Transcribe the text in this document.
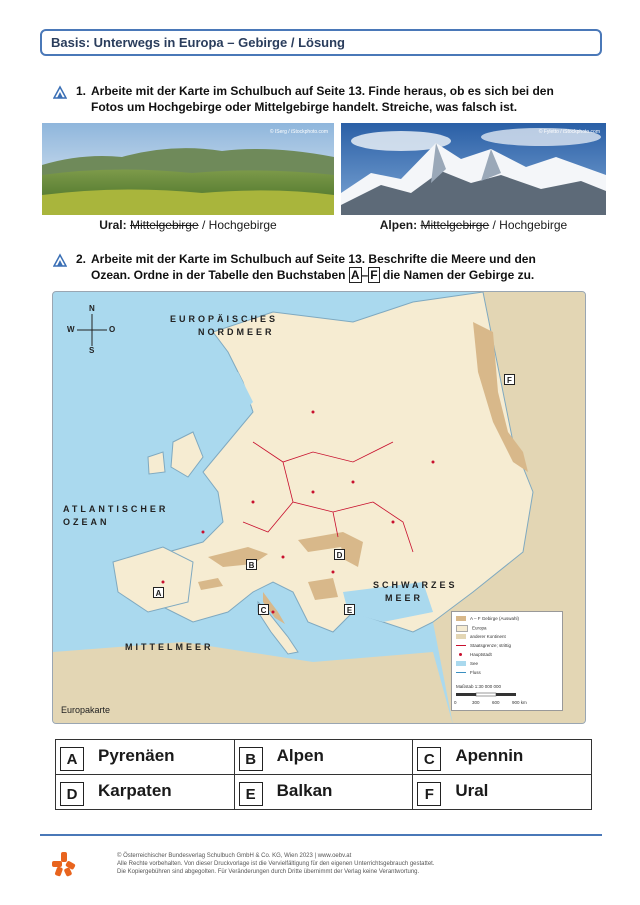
Basis: Unterwegs in Europa – Gebirge / Lösung
1. Arbeite mit der Karte im Schulbuch auf Seite 13. Finde heraus, ob es sich bei den
Fotos um Hochgebirge oder Mittelgebirge handelt. Streiche, was falsch ist.
© ISerg / iStockphoto.com
Ural: Mittelgebirge / Hochgebirge
© Fyletto / iStockphoto.com
Alpen: Mittelgebirge / Hochgebirge
2. Arbeite mit der Karte im Schulbuch auf Seite 13. Beschrifte die Meere und den
Ozean. Ordne in der Tabelle den Buchstaben A – F die Namen der Gebirge zu.
N
S
W	O
EUROPÄISCHES
NORDMEER
ATLANTISCHER
OZEAN
SCHWARZES
MEER
MITTELMEER
A
B
C
D
E
F
A – F Gebirge (Auswahl)
Europa
anderer Kontinent
Staatsgrenze; strittig
Hauptstadt
See
Fluss
Maßstab 1:30 000 000
0	300	600	900 km
Europakarte
A Pyrenäen	B Alpen	C Apennin

D Karpaten	E Balkan	F Ural
© Österreichischer Bundesverlag Schulbuch GmbH & Co. KG, Wien 2023 | www.oebv.at
Alle Rechte vorbehalten. Von dieser Druckvorlage ist die Vervielfältigung für den eigenen Unterrichtsgebrauch gestattet.
Die Kopiergebühren sind abgegolten. Für Veränderungen durch Dritte übernimmt der Verlag keine Verantwortung.
